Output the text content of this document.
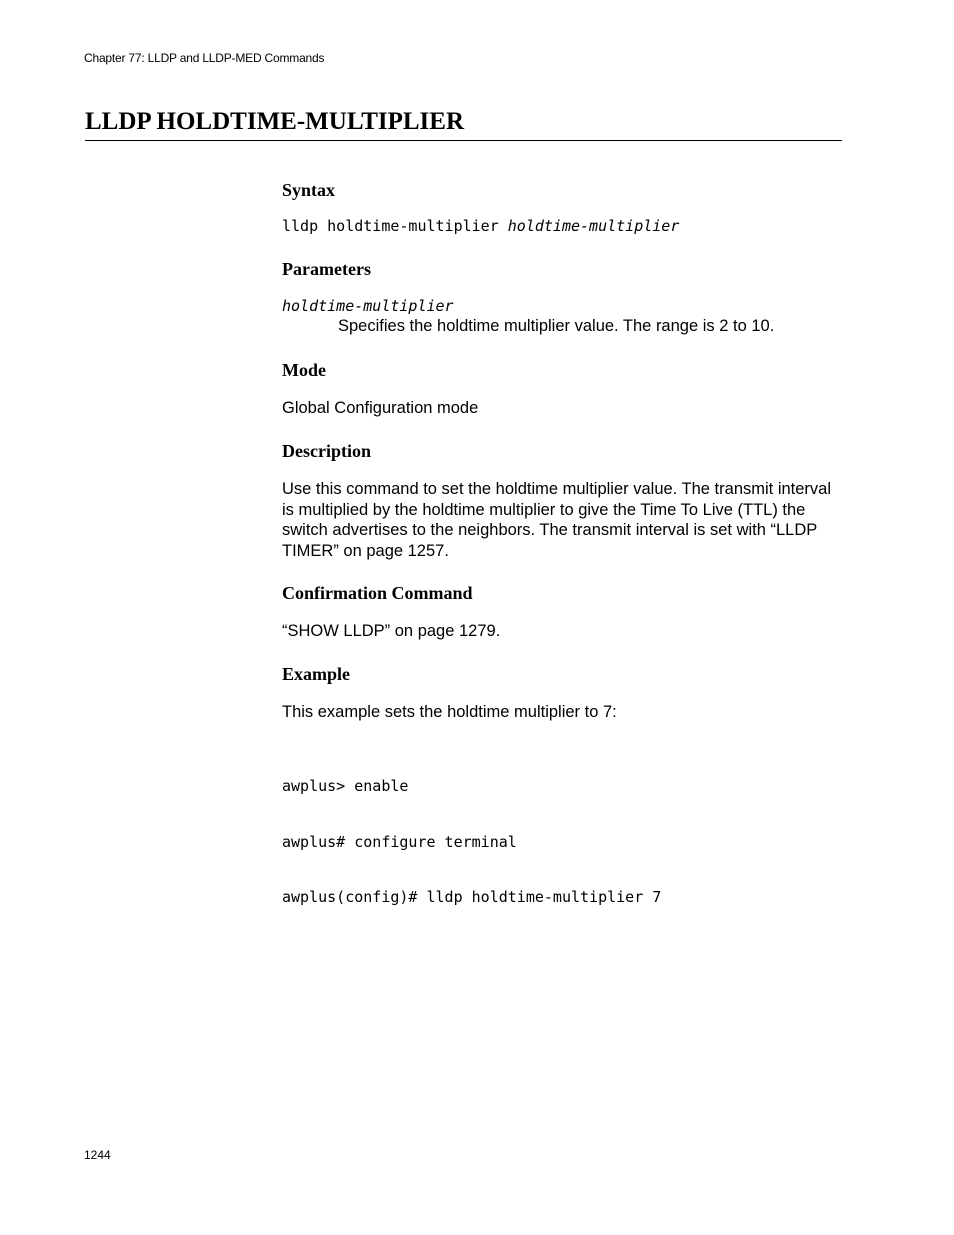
Chapter 77: LLDP and LLDP-MED Commands
LLDP HOLDTIME-MULTIPLIER
Syntax

lldp holdtime-multiplier holdtime-multiplier

Parameters

holdtime-multiplier

Specifies the holdtime multiplier value. The range is 2 to 10.

Mode

Global Configuration mode

Description

Use this command to set the holdtime multiplier value. The transmit interval is multiplied by the holdtime multiplier to give the Time To Live (TTL) the switch advertises to the neighbors. The transmit interval is set with “LLDP TIMER” on page 1257.

Confirmation Command

“SHOW LLDP” on page 1279.

Example

This example sets the holdtime multiplier to 7:

awplus> enable

awplus# configure terminal

awplus(config)# lldp holdtime-multiplier 7

1244
